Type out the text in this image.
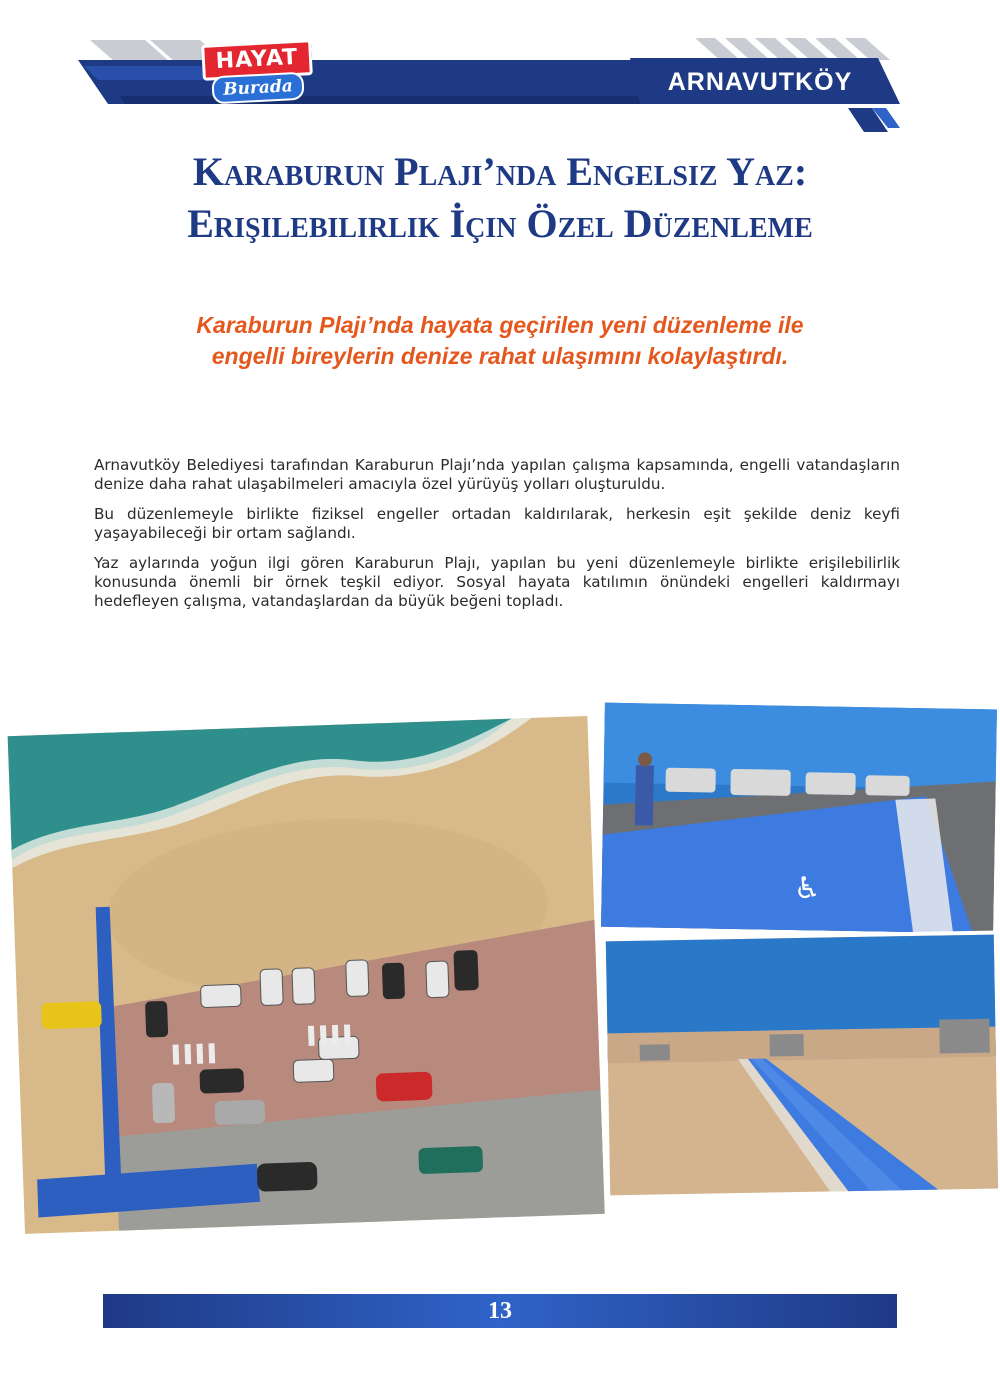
HAYAT
Burada	ARNAVUTKÖY
Karaburun Plajı’nda Engelsiz Yaz:
Erişilebilirlik İçin Özel Düzenleme
Karaburun Plajı’nda hayata geçirilen yeni düzenleme ile
engelli bireylerin denize rahat ulaşımını kolaylaştırdı.

Arnavutköy Belediyesi tarafından Karaburun Plajı’nda yapılan çalışma kapsamında, engelli vatandaşların denize daha rahat ulaşabilmeleri amacıyla özel yürüyüş yolları oluşturuldu.

Bu düzenlemeyle birlikte fiziksel engeller ortadan kaldırılarak, herkesin eşit şekilde deniz keyfi yaşayabileceği bir ortam sağlandı.

Yaz aylarında yoğun ilgi gören Karaburun Plajı, yapılan bu yeni düzenlemeyle birlikte erişilebilirlik konusunda önemli bir örnek teşkil ediyor. Sosyal hayata katılımın önündeki engelleri kaldırmayı hedefleyen çalışma, vatandaşlardan da büyük beğeni topladı.

♿
13
